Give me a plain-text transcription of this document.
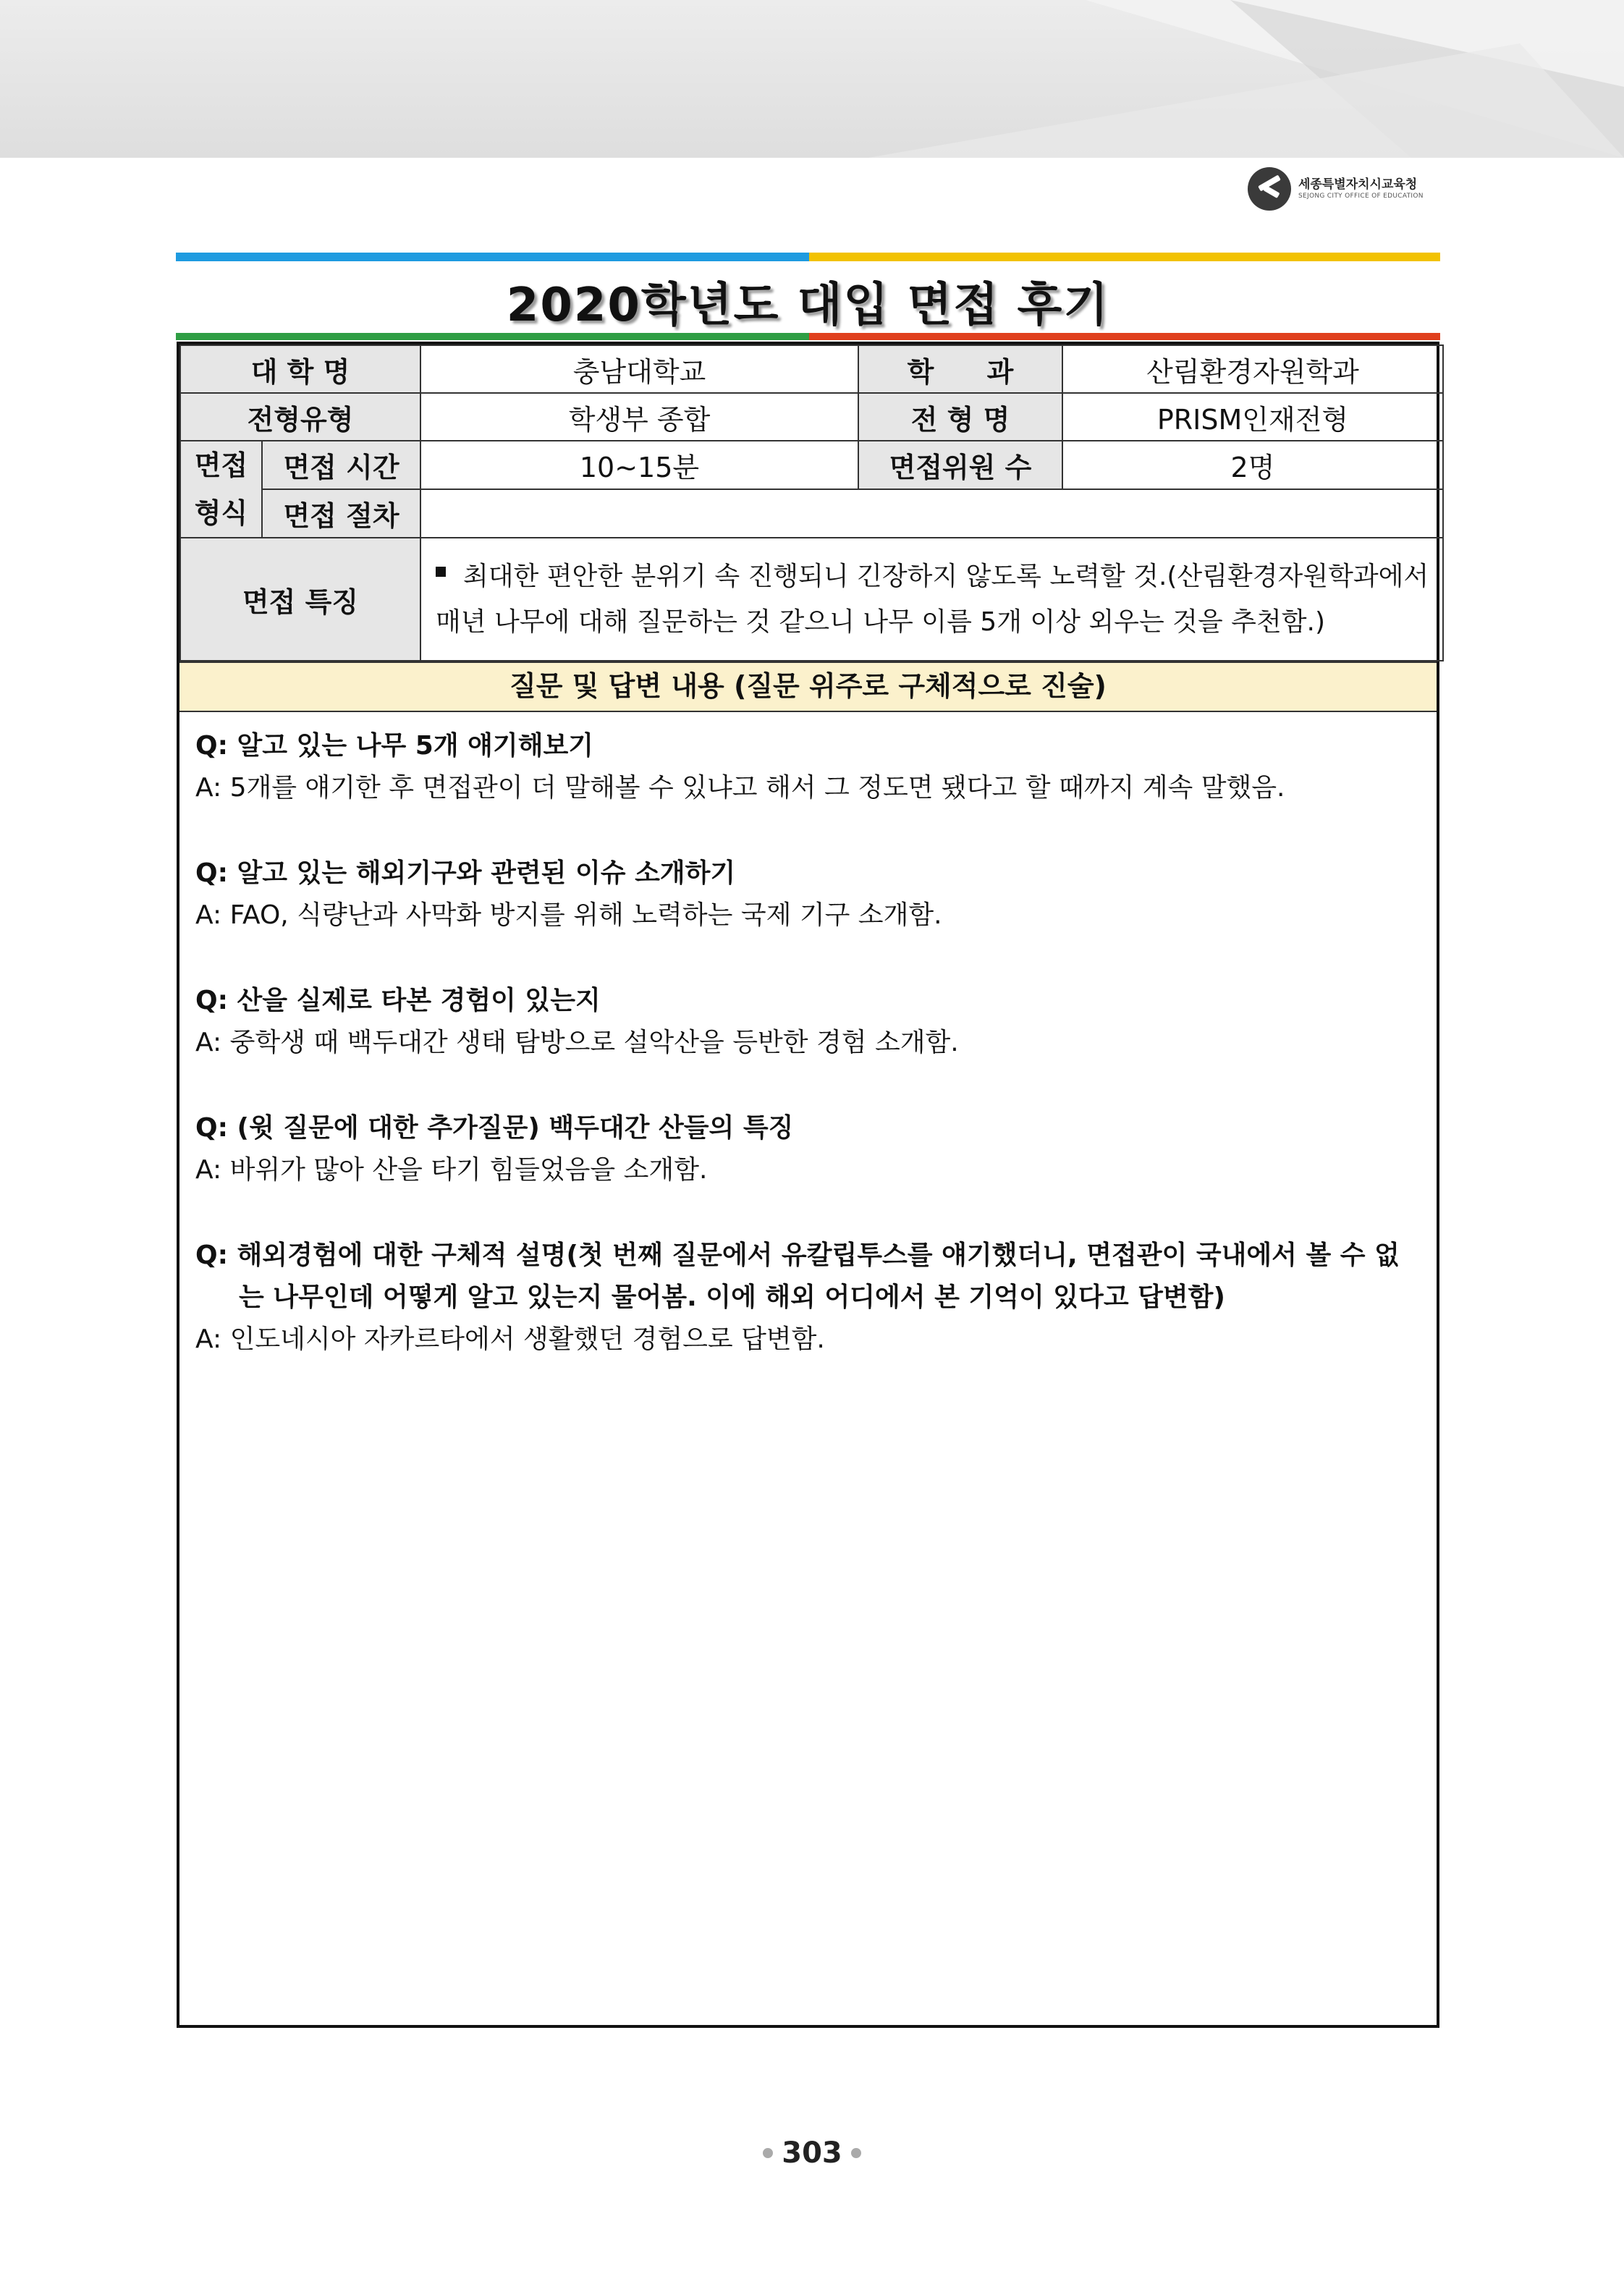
세종특별자치시교육청
SEJONG CITY OFFICE OF EDUCATION
2020학년도 대입 면접 후기
대 학 명		충남대학교	학 과	산림환경자원학과
전형유형		학생부 종합	전 형 명	PRISM인재전형
면접
형식	면접 시간	10~15분	면접위원 수	2명
	면접 절차			
면접 특징		최대한 편안한 분위기 속 진행되니 긴장하지 않도록 노력할 것.(산림환경자원학과에서 매년 나무에 대해 질문하는 것 같으니 나무 이름 5개 이상 외우는 것을 추천함.)		
질문 및 답변 내용 (질문 위주로 구체적으로 진술)
Q: 알고 있는 나무 5개 얘기해보기
A: 5개를 얘기한 후 면접관이 더 말해볼 수 있냐고 해서 그 정도면 됐다고 할 때까지 계속 말했음.
Q: 알고 있는 해외기구와 관련된 이슈 소개하기
A: FAO, 식량난과 사막화 방지를 위해 노력하는 국제 기구 소개함.
Q: 산을 실제로 타본 경험이 있는지
A: 중학생 때 백두대간 생태 탐방으로 설악산을 등반한 경험 소개함.
Q: (윗 질문에 대한 추가질문) 백두대간 산들의 특징
A: 바위가 많아 산을 타기 힘들었음을 소개함.
Q: 해외경험에 대한 구체적 설명(첫 번째 질문에서 유칼립투스를 얘기했더니, 면접관이 국내에서 볼 수 없는 나무인데 어떻게 알고 있는지 물어봄. 이에 해외 어디에서 본 기억이 있다고 답변함)
A: 인도네시아 자카르타에서 생활했던 경험으로 답변함.
303
